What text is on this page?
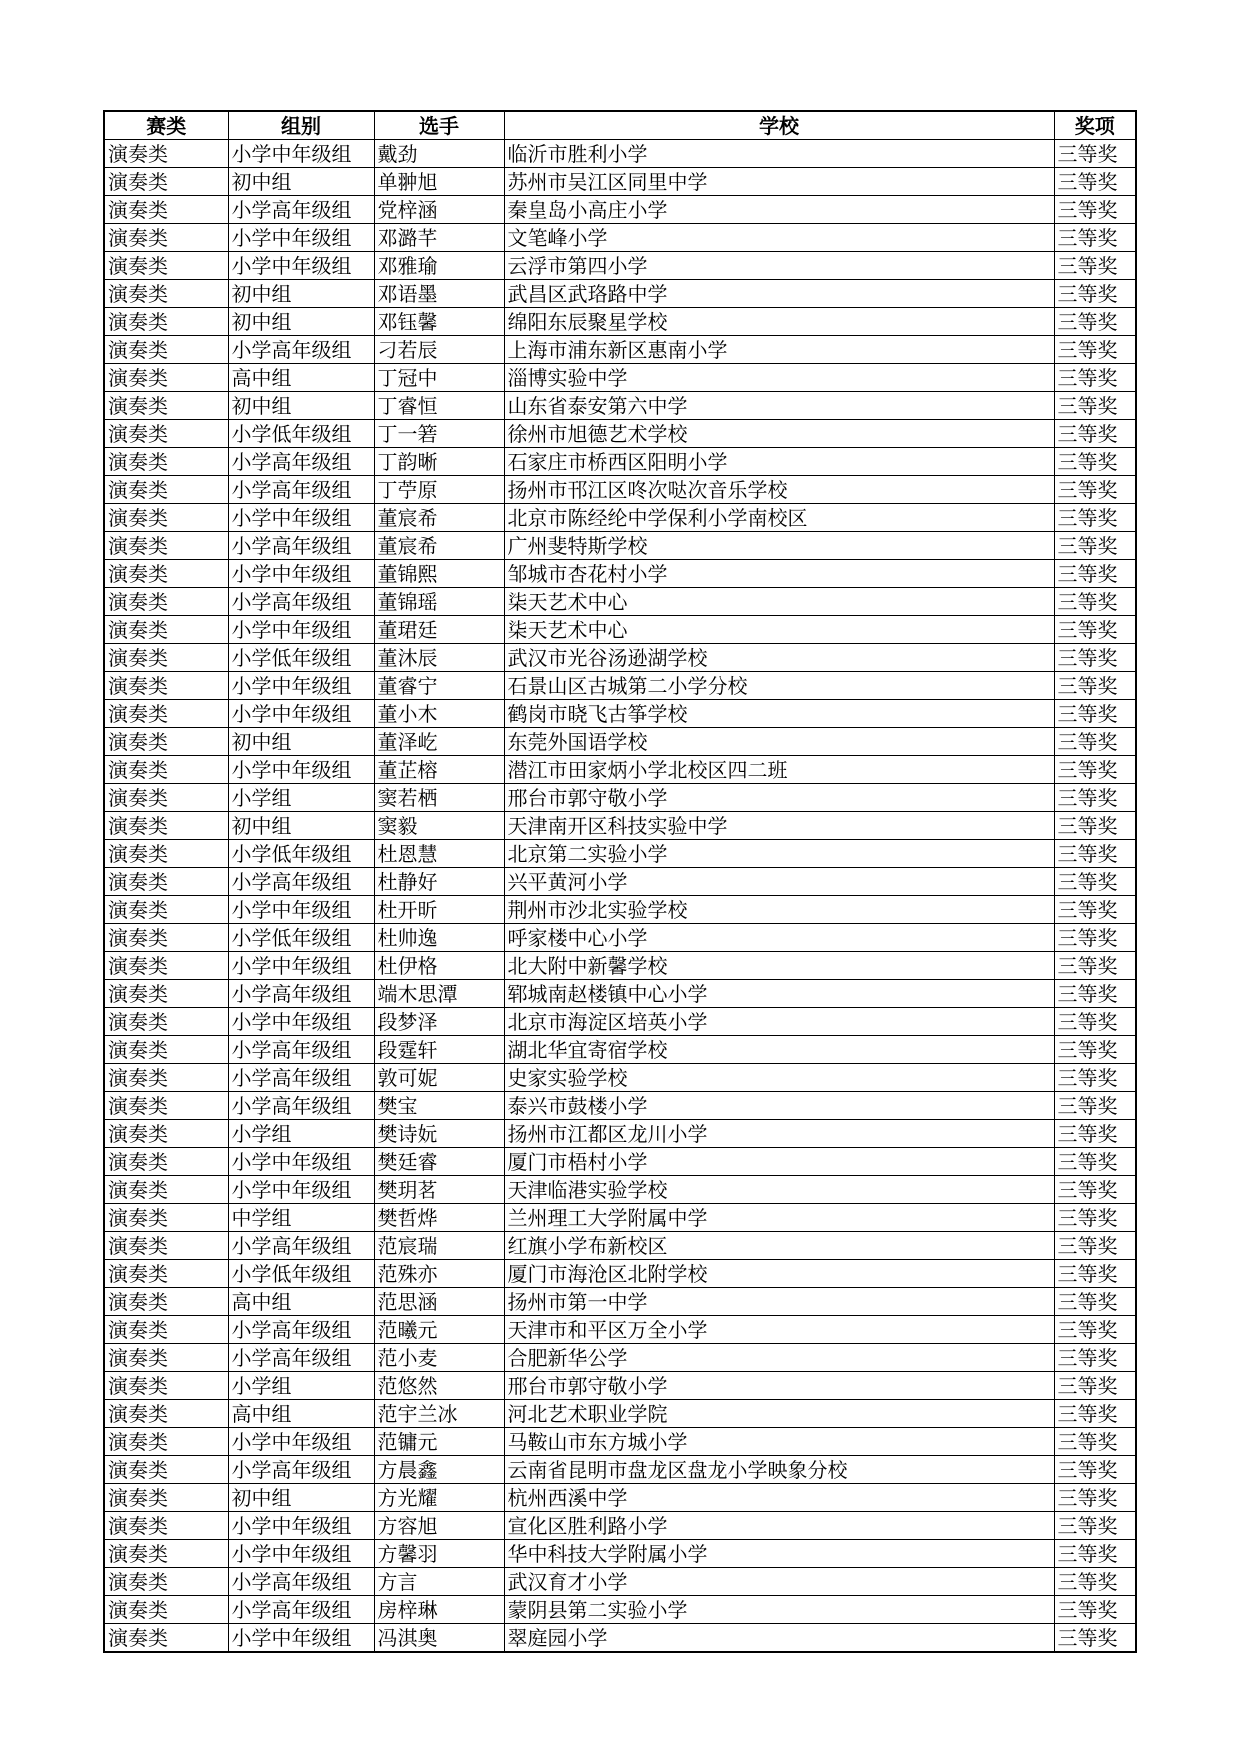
赛类	组别	选手	学校	奖项
演奏类	小学中年级组	戴劲	临沂市胜利小学	三等奖
演奏类	初中组	单翀旭	苏州市吴江区同里中学	三等奖
演奏类	小学高年级组	党梓涵	秦皇岛小高庄小学	三等奖
演奏类	小学中年级组	邓潞芊	文笔峰小学	三等奖
演奏类	小学中年级组	邓雅瑜	云浮市第四小学	三等奖
演奏类	初中组	邓语墨	武昌区武珞路中学	三等奖
演奏类	初中组	邓钰馨	绵阳东辰聚星学校	三等奖
演奏类	小学高年级组	刁若辰	上海市浦东新区惠南小学	三等奖
演奏类	高中组	丁冠中	淄博实验中学	三等奖
演奏类	初中组	丁睿恒	山东省泰安第六中学	三等奖
演奏类	小学低年级组	丁一箬	徐州市旭德艺术学校	三等奖
演奏类	小学高年级组	丁韵晰	石家庄市桥西区阳明小学	三等奖
演奏类	小学高年级组	丁苧原	扬州市邗江区咚次哒次音乐学校	三等奖
演奏类	小学中年级组	董宸希	北京市陈经纶中学保利小学南校区	三等奖
演奏类	小学高年级组	董宸希	广州斐特斯学校	三等奖
演奏类	小学中年级组	董锦熙	邹城市杏花村小学	三等奖
演奏类	小学高年级组	董锦瑶	柒天艺术中心	三等奖
演奏类	小学中年级组	董珺廷	柒天艺术中心	三等奖
演奏类	小学低年级组	董沐辰	武汉市光谷汤逊湖学校	三等奖
演奏类	小学中年级组	董睿宁	石景山区古城第二小学分校	三等奖
演奏类	小学中年级组	董小木	鹤岗市晓飞古筝学校	三等奖
演奏类	初中组	董泽屹	东莞外国语学校	三等奖
演奏类	小学中年级组	董芷榕	潜江市田家炳小学北校区四二班	三等奖
演奏类	小学组	窦若栖	邢台市郭守敬小学	三等奖
演奏类	初中组	窦毅	天津南开区科技实验中学	三等奖
演奏类	小学低年级组	杜恩慧	北京第二实验小学	三等奖
演奏类	小学高年级组	杜静好	兴平黄河小学	三等奖
演奏类	小学中年级组	杜开昕	荆州市沙北实验学校	三等奖
演奏类	小学低年级组	杜帅逸	呼家楼中心小学	三等奖
演奏类	小学中年级组	杜伊格	北大附中新馨学校	三等奖
演奏类	小学高年级组	端木思潭	郓城南赵楼镇中心小学	三等奖
演奏类	小学中年级组	段梦泽	北京市海淀区培英小学	三等奖
演奏类	小学高年级组	段霆轩	湖北华宜寄宿学校	三等奖
演奏类	小学高年级组	敦可妮	史家实验学校	三等奖
演奏类	小学高年级组	樊宝	泰兴市鼓楼小学	三等奖
演奏类	小学组	樊诗妧	扬州市江都区龙川小学	三等奖
演奏类	小学中年级组	樊廷睿	厦门市梧村小学	三等奖
演奏类	小学中年级组	樊玥茗	天津临港实验学校	三等奖
演奏类	中学组	樊哲烨	兰州理工大学附属中学	三等奖
演奏类	小学高年级组	范宸瑞	红旗小学布新校区	三等奖
演奏类	小学低年级组	范殊亦	厦门市海沧区北附学校	三等奖
演奏类	高中组	范思涵	扬州市第一中学	三等奖
演奏类	小学高年级组	范曦元	天津市和平区万全小学	三等奖
演奏类	小学高年级组	范小麦	合肥新华公学	三等奖
演奏类	小学组	范悠然	邢台市郭守敬小学	三等奖
演奏类	高中组	范宇兰冰	河北艺术职业学院	三等奖
演奏类	小学中年级组	范镛元	马鞍山市东方城小学	三等奖
演奏类	小学高年级组	方晨鑫	云南省昆明市盘龙区盘龙小学映象分校	三等奖
演奏类	初中组	方光耀	杭州西溪中学	三等奖
演奏类	小学中年级组	方容旭	宣化区胜利路小学	三等奖
演奏类	小学中年级组	方馨羽	华中科技大学附属小学	三等奖
演奏类	小学高年级组	方言	武汉育才小学	三等奖
演奏类	小学高年级组	房梓琳	蒙阴县第二实验小学	三等奖
演奏类	小学中年级组	冯淇奥	翠庭园小学	三等奖
